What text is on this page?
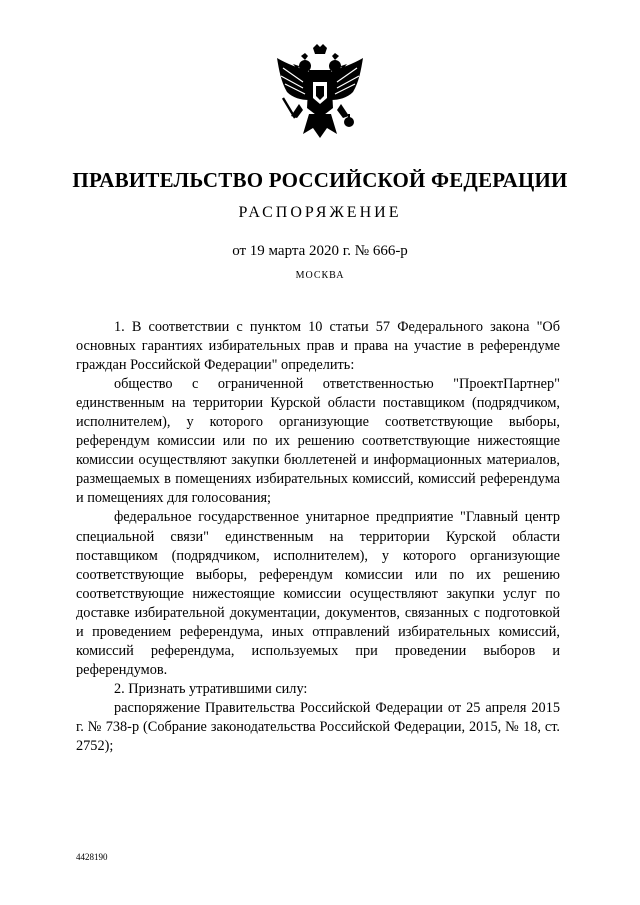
ПРАВИТЕЛЬСТВО РОССИЙСКОЙ ФЕДЕРАЦИИ
РАСПОРЯЖЕНИЕ
от 19 марта 2020 г. № 666-р
МОСКВА

1. В соответствии с пунктом 10 статьи 57 Федерального закона "Об основных гарантиях избирательных прав и права на участие в референдуме граждан Российской Федерации" определить:

общество с ограниченной ответственностью "ПроектПартнер" единственным на территории Курской области поставщиком (подрядчиком, исполнителем), у которого организующие соответствующие выборы, референдум комиссии или по их решению соответствующие нижестоящие комиссии осуществляют закупки бюллетеней и информационных материалов, размещаемых в помещениях избирательных комиссий, комиссий референдума и помещениях для голосования;

федеральное государственное унитарное предприятие "Главный центр специальной связи" единственным на территории Курской области поставщиком (подрядчиком, исполнителем), у которого организующие соответствующие выборы, референдум комиссии или по их решению соответствующие нижестоящие комиссии осуществляют закупки услуг по доставке избирательной документации, документов, связанных с подготовкой и проведением референдума, иных отправлений избирательных комиссий, комиссий референдума, используемых при проведении выборов и референдумов.

2. Признать утратившими силу:

распоряжение Правительства Российской Федерации от 25 апреля 2015 г. № 738-р (Собрание законодательства Российской Федерации, 2015, № 18, ст. 2752);

4428190
